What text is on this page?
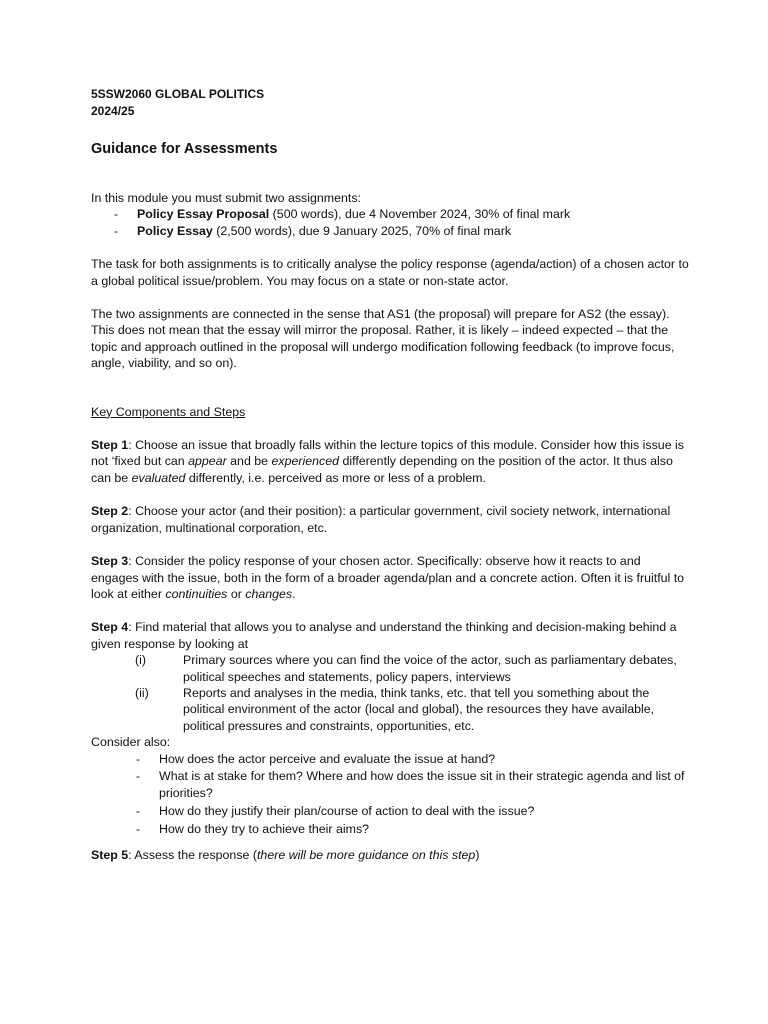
5SSW2060 GLOBAL POLITICS
2024/25
Guidance for Assessments

In this module you must submit two assignments:

- Policy Essay Proposal (500 words), due 4 November 2024, 30% of final mark
- Policy Essay (2,500 words), due 9 January 2025, 70% of final mark

The task for both assignments is to critically analyse the policy response (agenda/action) of a chosen actor to a global political issue/problem. You may focus on a state or non-state actor.

The two assignments are connected in the sense that AS1 (the proposal) will prepare for AS2 (the essay). This does not mean that the essay will mirror the proposal. Rather, it is likely – indeed expected – that the topic and approach outlined in the proposal will undergo modification following feedback (to improve focus, angle, viability, and so on).

Key Components and Steps

Step 1: Choose an issue that broadly falls within the lecture topics of this module. Consider how this issue is not ‘fixed but can appear and be experienced differently depending on the position of the actor. It thus also can be evaluated differently, i.e. perceived as more or less of a problem.

Step 2: Choose your actor (and their position): a particular government, civil society network, international organization, multinational corporation, etc.

Step 3: Consider the policy response of your chosen actor. Specifically: observe how it reacts to and engages with the issue, both in the form of a broader agenda/plan and a concrete action. Often it is fruitful to look at either continuities or changes.

Step 4: Find material that allows you to analyse and understand the thinking and decision-making behind a given response by looking at

(i)	Primary sources where you can find the voice of the actor, such as parliamentary debates, political speeches and statements, policy papers, interviews
(ii)	Reports and analyses in the media, think tanks, etc. that tell you something about the political environment of the actor (local and global), the resources they have available, political pressures and constraints, opportunities, etc.

Consider also:

- How does the actor perceive and evaluate the issue at hand?
- What is at stake for them? Where and how does the issue sit in their strategic agenda and list of priorities?
- How do they justify their plan/course of action to deal with the issue?
- How do they try to achieve their aims?

Step 5: Assess the response (there will be more guidance on this step)
